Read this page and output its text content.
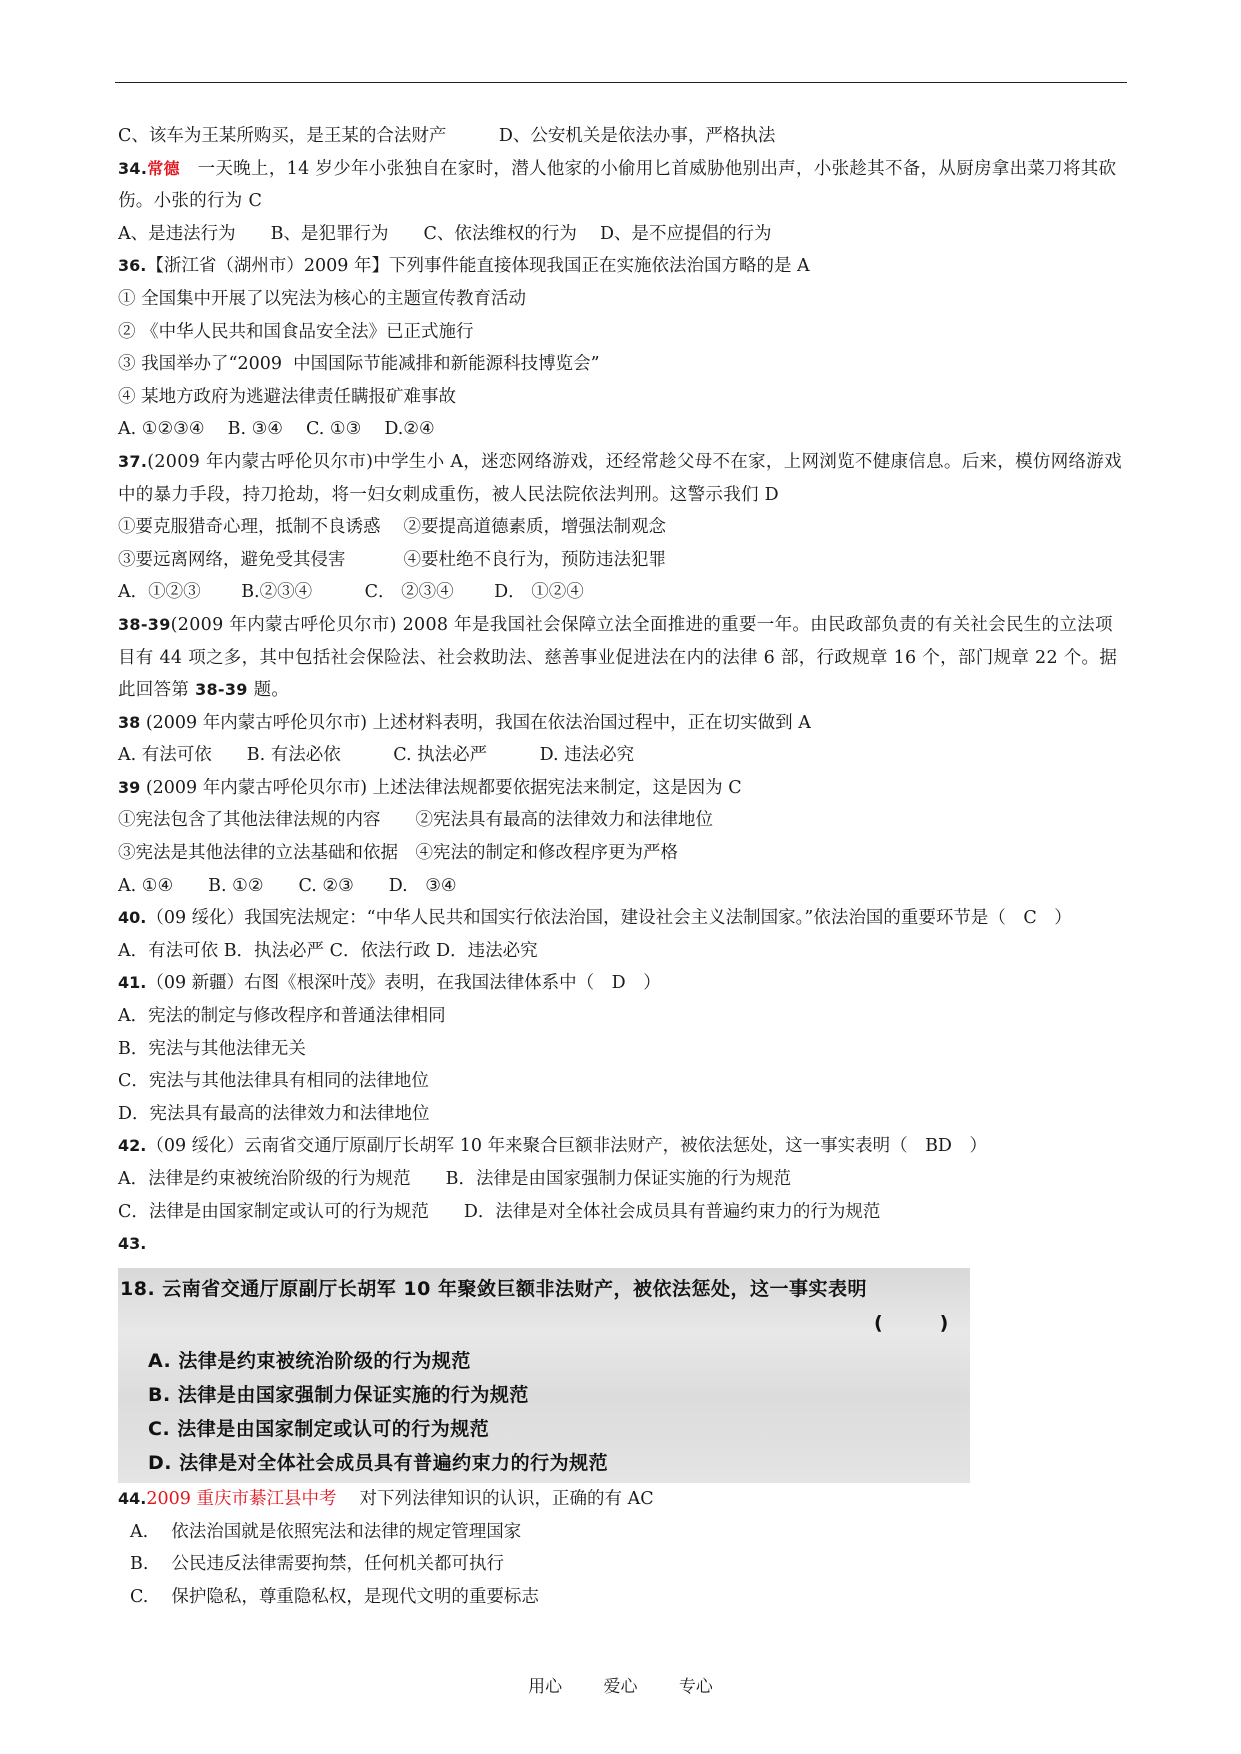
C、该车为王某所购买，是王某的合法财产　　　D、公安机关是依法办事，严格执法
34.常德　一天晚上，14 岁少年小张独自在家时，潜人他家的小偷用匕首威胁他别出声，小张趁其不备，从厨房拿出菜刀将其砍伤。小张的行为 C
A、是违法行为　　B、是犯罪行为　　C、依法维权的行为　 D、是不应提倡的行为
36.【浙江省（湖州市）2009 年】下列事件能直接体现我国正在实施依法治国方略的是 A
① 全国集中开展了以宪法为核心的主题宣传教育活动
② 《中华人民共和国食品安全法》已正式施行
③ 我国举办了“2009  中国国际节能减排和新能源科技博览会”
④ 某地方政府为逃避法律责任瞒报矿难事故
A. ①②③④　 B. ③④　 C. ①③　 D.②④
37.(2009 年内蒙古呼伦贝尔市)中学生小 A，迷恋网络游戏，还经常趁父母不在家，上网浏览不健康信息。后来，模仿网络游戏中的暴力手段，持刀抢劫，将一妇女刺成重伤，被人民法院依法判刑。这警示我们 D
①要克服猎奇心理，抵制不良诱惑　 ②要提高道德素质，增强法制观念
③要远离网络，避免受其侵害　　　 ④要杜绝不良行为，预防违法犯罪
A．①②③　　 B.②③④　　　C． ②③④　　 D． ①②④
38-39(2009 年内蒙古呼伦贝尔市) 2008 年是我国社会保障立法全面推进的重要一年。由民政部负责的有关社会民生的立法项目有 44 项之多，其中包括社会保险法、社会救助法、慈善事业促进法在内的法律 6 部，行政规章 16 个，部门规章 22 个。据此回答第 38-39 题。
38 (2009 年内蒙古呼伦贝尔市) 上述材料表明，我国在依法治国过程中，正在切实做到 A
A. 有法可依　　B. 有法必依　　　C. 执法必严　　　D. 违法必究
39 (2009 年内蒙古呼伦贝尔市) 上述法律法规都要依据宪法来制定，这是因为 C
①宪法包含了其他法律法规的内容　　②宪法具有最高的法律效力和法律地位
③宪法是其他法律的立法基础和依据　④宪法的制定和修改程序更为严格
A. ①④　　B. ①②　　C. ②③　　D.　③④
40.（09 绥化）我国宪法规定：“中华人民共和国实行依法治国，建设社会主义法制国家。”依法治国的重要环节是（　C　）
A．有法可依 B．执法必严 C．依法行政 D．违法必究
41.（09 新疆）右图《根深叶茂》表明，在我国法律体系中（　D　）
A．宪法的制定与修改程序和普通法律相同
B．宪法与其他法律无关
C．宪法与其他法律具有相同的法律地位
D．宪法具有最高的法律效力和法律地位
42.（09 绥化）云南省交通厅原副厅长胡军 10 年来聚合巨额非法财产，被依法惩处，这一事实表明（　BD　）
A．法律是约束被统治阶级的行为规范　　B．法律是由国家强制力保证实施的行为规范
C．法律是由国家制定或认可的行为规范　　D．法律是对全体社会成员具有普遍约束力的行为规范
43.
18. 云南省交通厅原副厅长胡军 10 年聚敛巨额非法财产，被依法惩处，这一事实表明
(　　　)
A. 法律是约束被统治阶级的行为规范
B. 法律是由国家强制力保证实施的行为规范
C. 法律是由国家制定或认可的行为规范
D. 法律是对全体社会成员具有普遍约束力的行为规范
44.2009 重庆市綦江县中考　 对下列法律知识的认识，正确的有 AC
A.　 依法治国就是依照宪法和法律的规定管理国家
B.　 公民违反法律需要拘禁，任何机关都可执行
C.　 保护隐私，尊重隐私权，是现代文明的重要标志
用心 爱心 专心
